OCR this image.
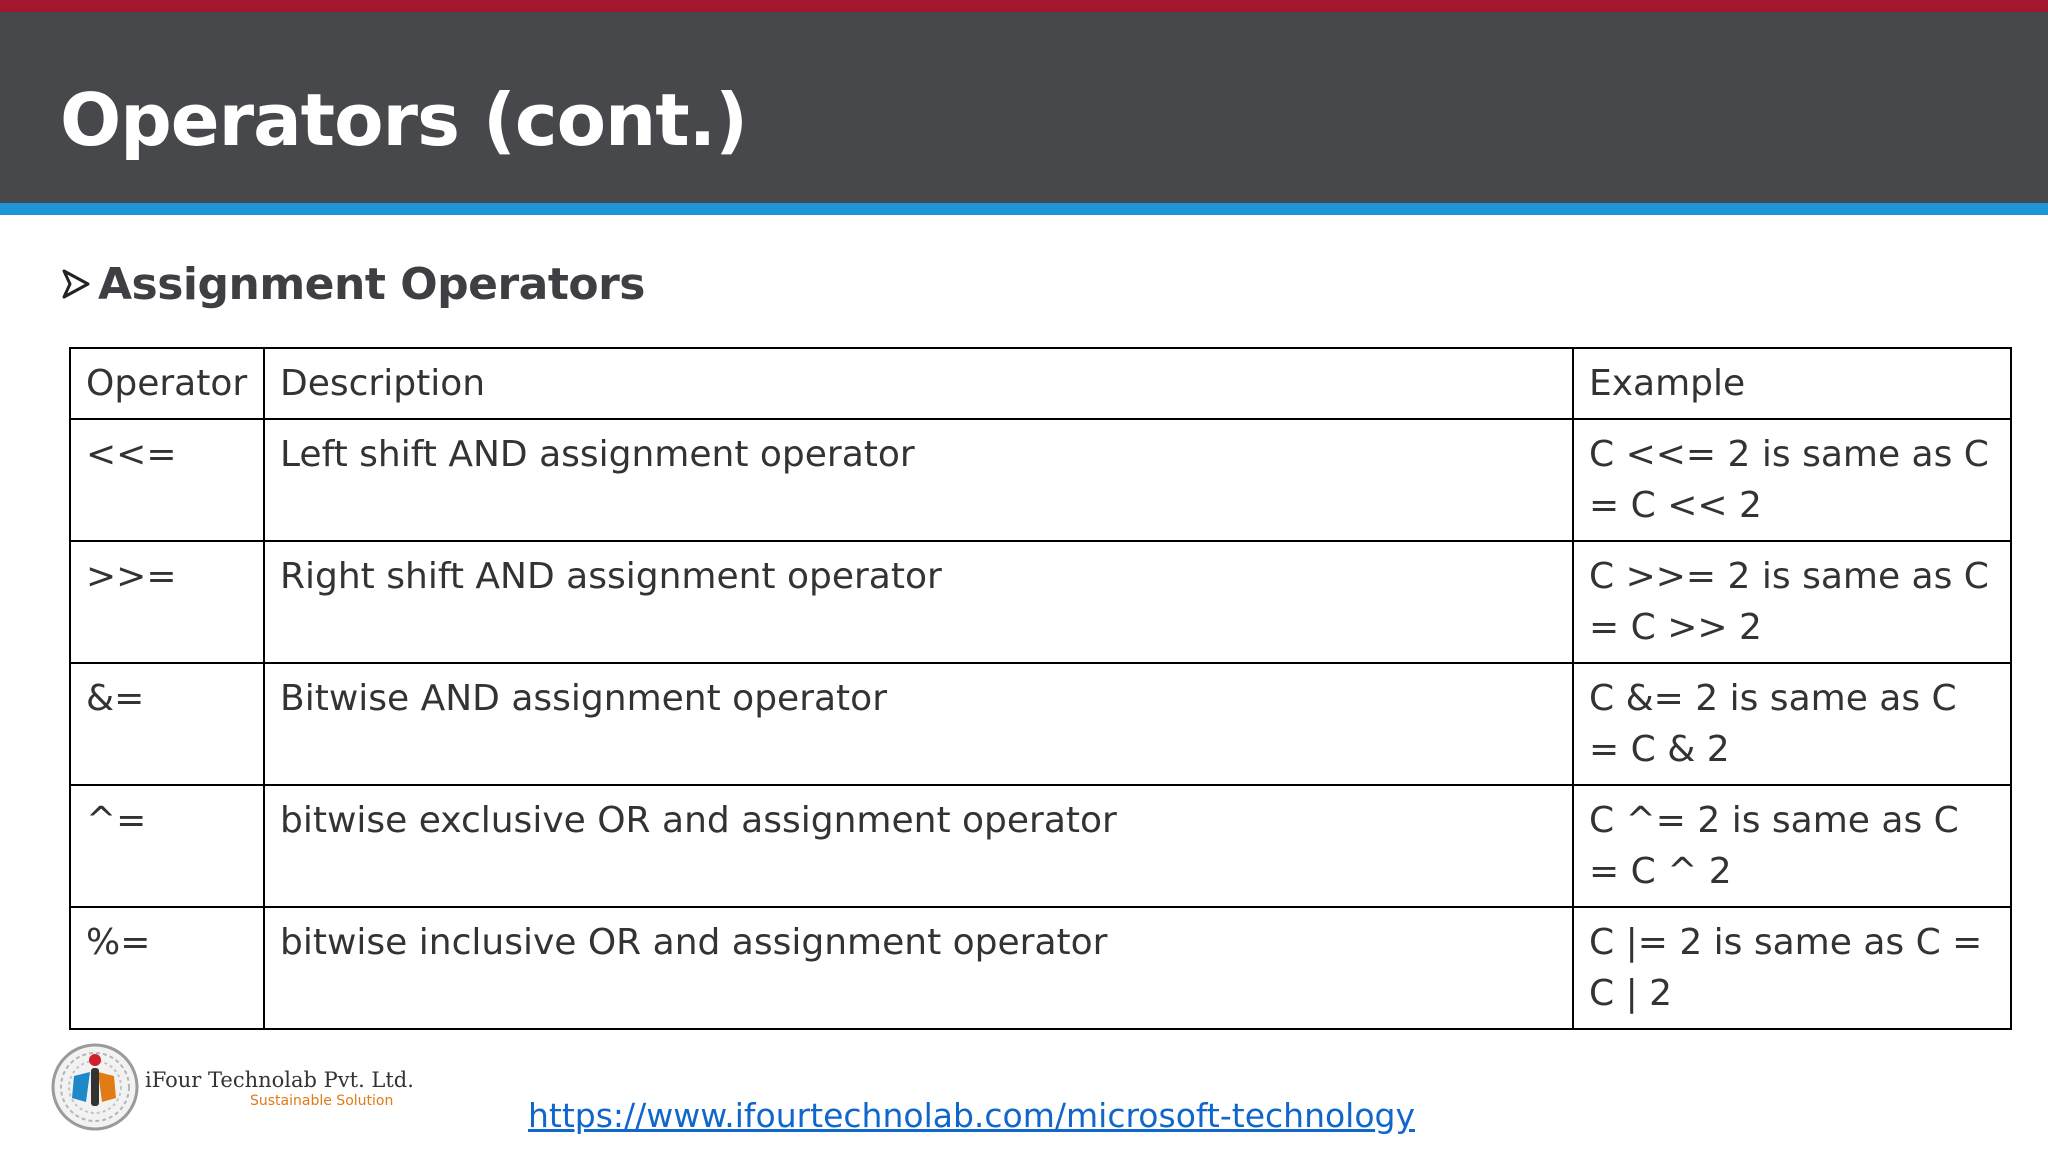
Operators (cont.)
Assignment Operators
Operator	Description	Example
<<=	Left shift AND assignment operator	C <<= 2 is same as C = C << 2
>>=	Right shift AND assignment operator	C >>= 2 is same as C = C >> 2
&=	Bitwise AND assignment operator	C &= 2 is same as C = C & 2
^=	bitwise exclusive OR and assignment operator	C ^= 2 is same as C = C ^ 2
%=	bitwise inclusive OR and assignment operator	C |= 2 is same as C = C | 2
iFour Technolab Pvt. Ltd.
Sustainable Solution	https://www.ifourtechnolab.com/microsoft-technology
